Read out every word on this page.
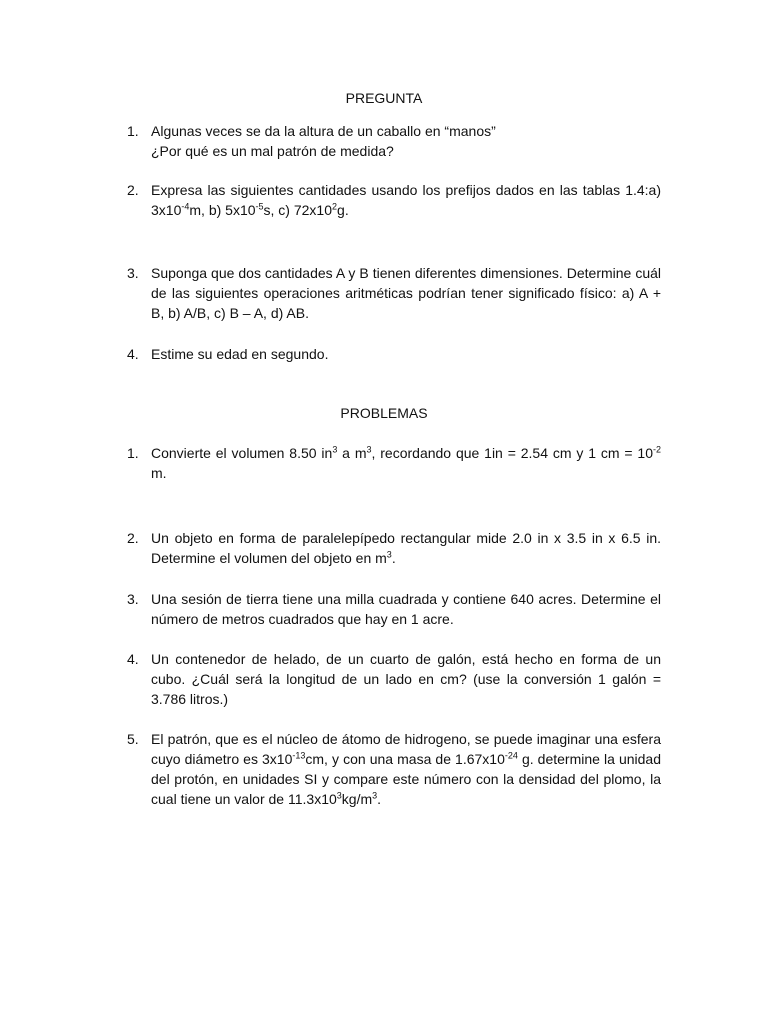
PREGUNTA
1. Algunas veces se da la altura de un caballo en “manos”
¿Por qué es un mal patrón de medida?
2. Expresa las siguientes cantidades usando los prefijos dados en las tablas 1.4:a) $3x10^{-4}m$, b) $5x10^{-5}s$, c) $72x10^2g$.
3. Suponga que dos cantidades A y B tienen diferentes dimensiones. Determine cuál de las siguientes operaciones aritméticas podrían tener significado físico: a) A + B, b) A/B, c) B – A, d) AB.
4. Estime su edad en segundo.
PROBLEMAS
1. Convierte el volumen 8.50 $in^3$ a $m^3$, recordando que 1in = 2.54 cm y 1 cm = $10^{-2}$ m.
2. Un objeto en forma de paralelepípedo rectangular mide 2.0 in x 3.5 in x 6.5 in. Determine el volumen del objeto en $m^3$.
3. Una sesión de tierra tiene una milla cuadrada y contiene 640 acres. Determine el número de metros cuadrados que hay en 1 acre.
4. Un contenedor de helado, de un cuarto de galón, está hecho en forma de un cubo. ¿Cuál será la longitud de un lado en cm? (use la conversión 1 galón = 3.786 litros.)
5. El patrón, que es el núcleo de átomo de hidrogeno, se puede imaginar una esfera cuyo diámetro es $3x10^{-13}cm$, y con una masa de $1.67x10^{-24}$ g. determine la unidad del protón, en unidades SI y compare este número con la densidad del plomo, la cual tiene un valor de $11.3x10^3kg/m^3$.
